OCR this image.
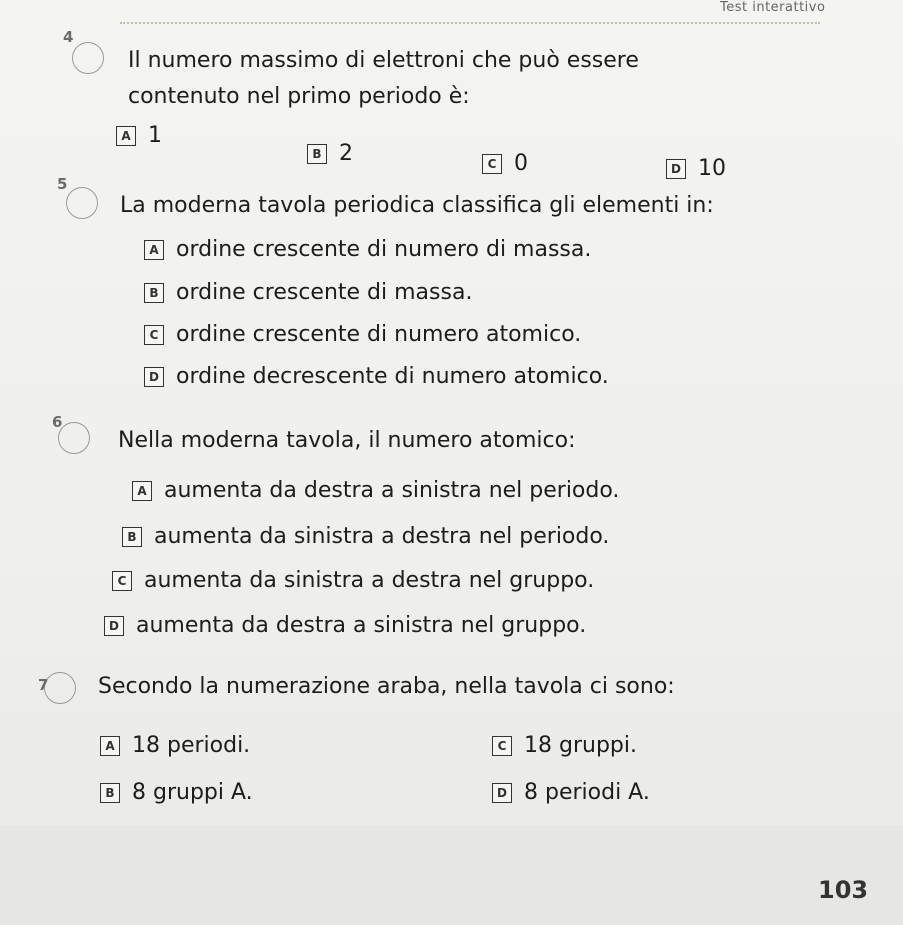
Test interattivo
4
Il numero massimo di elettroni che può essere
contenuto nel primo periodo è:
A 1
B 2	C 0	D 10
5
La moderna tavola periodica classifica gli elementi in:
A ordine crescente di numero di massa.
B ordine crescente di massa.
C ordine crescente di numero atomico.
D ordine decrescente di numero atomico.
6
Nella moderna tavola, il numero atomico:
A aumenta da destra a sinistra nel periodo.
B aumenta da sinistra a destra nel periodo.
C aumenta da sinistra a destra nel gruppo.
D aumenta da destra a sinistra nel gruppo.
7 Secondo la numerazione araba, nella tavola ci sono:
A 18 periodi.
B 8 gruppi A.
C 18 gruppi.
D 8 periodi A.
103
